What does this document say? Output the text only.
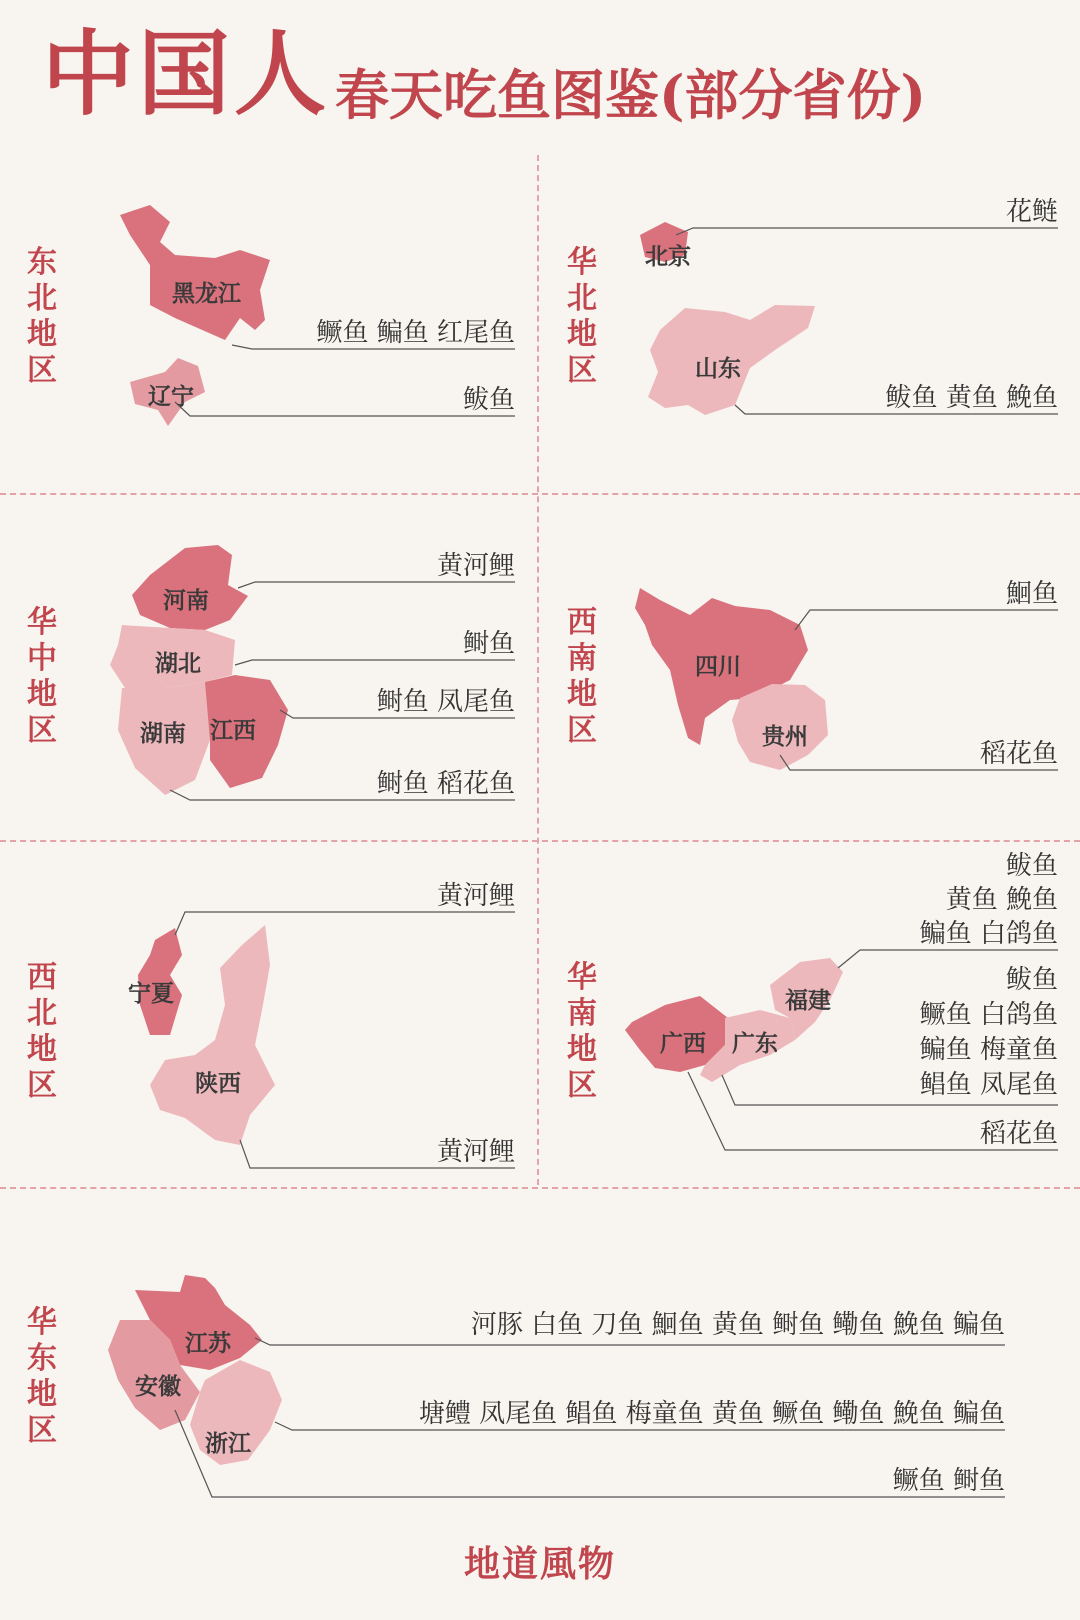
中国人 春天吃鱼图鉴(部分省份)
东北地区
华北地区
华中地区
西南地区
西北地区
华南地区
华东地区
黑龙江
辽宁
北京
山东
河南
湖北
湖南 江西
四川
贵州
宁夏
陕西
广西 广东
福建
江苏
安徽
浙江
鳜鱼 鳊鱼 红尾鱼
鲅鱼
花鲢
鲅鱼 黄鱼 鮸鱼
黄河鲤
鲥鱼
鲥鱼 凤尾鱼
鲥鱼 稻花鱼
鮰鱼
稻花鱼
黄河鲤
黄河鲤
鲅鱼
黄鱼 鮸鱼
鳊鱼 白鸽鱼
鲅鱼
鳜鱼 白鸽鱼
鳊鱼 梅童鱼
鲳鱼 凤尾鱼
稻花鱼
河豚 白鱼 刀鱼 鮰鱼 黄鱼 鲥鱼 鳓鱼 鮸鱼 鳊鱼
塘鳢 凤尾鱼 鲳鱼 梅童鱼 黄鱼 鳜鱼 鳓鱼 鮸鱼 鳊鱼
鳜鱼 鲥鱼
地道風物
